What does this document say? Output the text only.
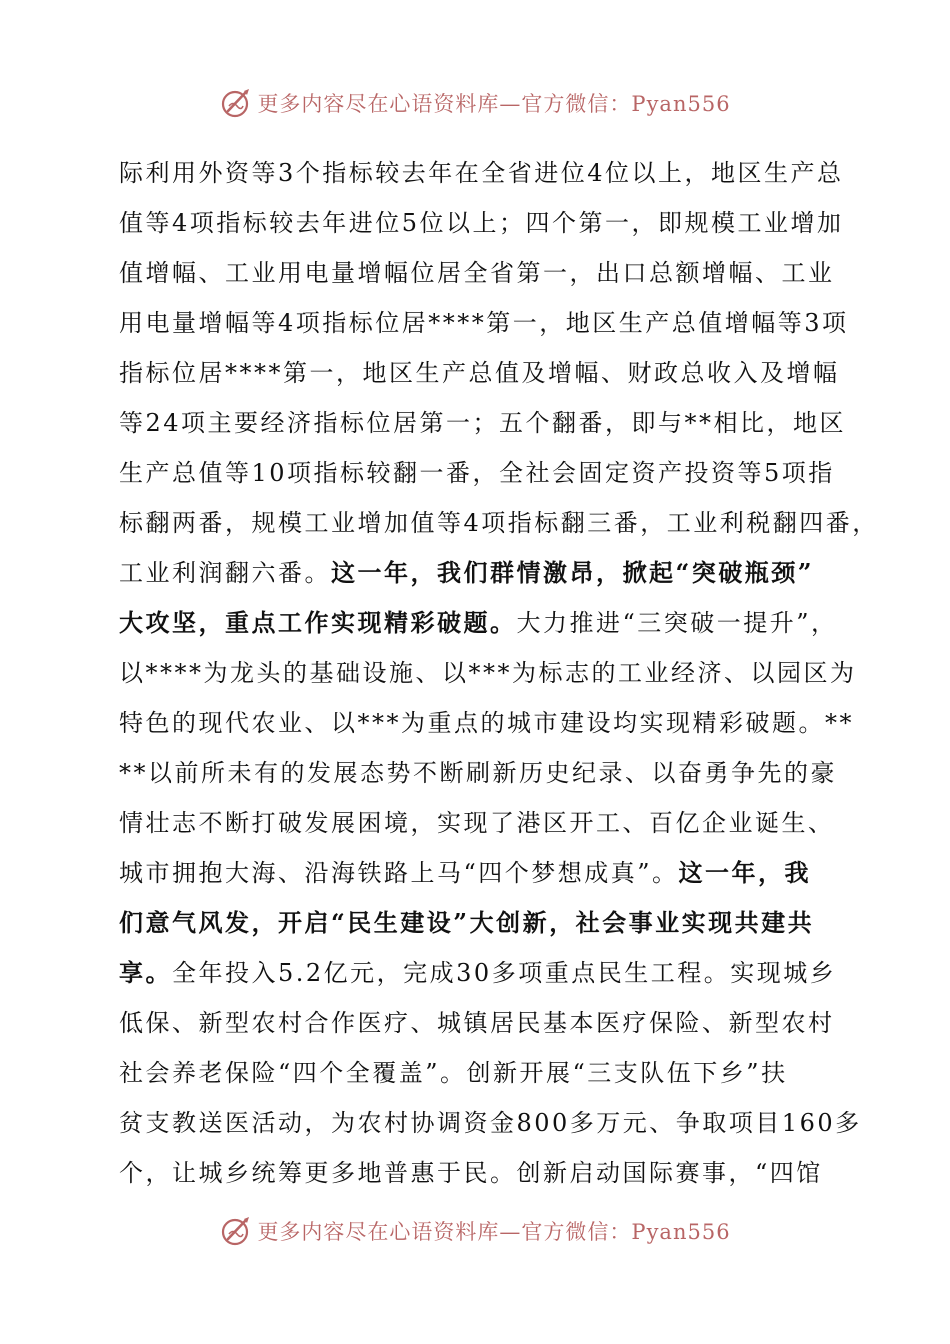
更多内容尽在心语资料库—官方微信：Pyan556
际利用外资等3个指标较去年在全省进位4位以上，地区生产总
值等4项指标较去年进位5位以上；四个第一，即规模工业增加
值增幅、工业用电量增幅位居全省第一，出口总额增幅、工业
用电量增幅等4项指标位居****第一，地区生产总值增幅等3项
指标位居****第一，地区生产总值及增幅、财政总收入及增幅
等24项主要经济指标位居第一；五个翻番，即与**相比，地区
生产总值等10项指标较翻一番，全社会固定资产投资等5项指
标翻两番，规模工业增加值等4项指标翻三番，工业利税翻四番，
工业利润翻六番。这一年，我们群情激昂，掀起“突破瓶颈”
大攻坚，重点工作实现精彩破题。大力推进“三突破一提升”，
以****为龙头的基础设施、以***为标志的工业经济、以园区为
特色的现代农业、以***为重点的城市建设均实现精彩破题。**
**以前所未有的发展态势不断刷新历史纪录、以奋勇争先的豪
情壮志不断打破发展困境，实现了港区开工、百亿企业诞生、
城市拥抱大海、沿海铁路上马“四个梦想成真”。这一年，我
们意气风发，开启“民生建设”大创新，社会事业实现共建共
享。全年投入5.2亿元，完成30多项重点民生工程。实现城乡
低保、新型农村合作医疗、城镇居民基本医疗保险、新型农村
社会养老保险“四个全覆盖”。创新开展“三支队伍下乡”扶
贫支教送医活动，为农村协调资金800多万元、争取项目160多
个，让城乡统筹更多地普惠于民。创新启动国际赛事，“四馆
更多内容尽在心语资料库—官方微信：Pyan556
